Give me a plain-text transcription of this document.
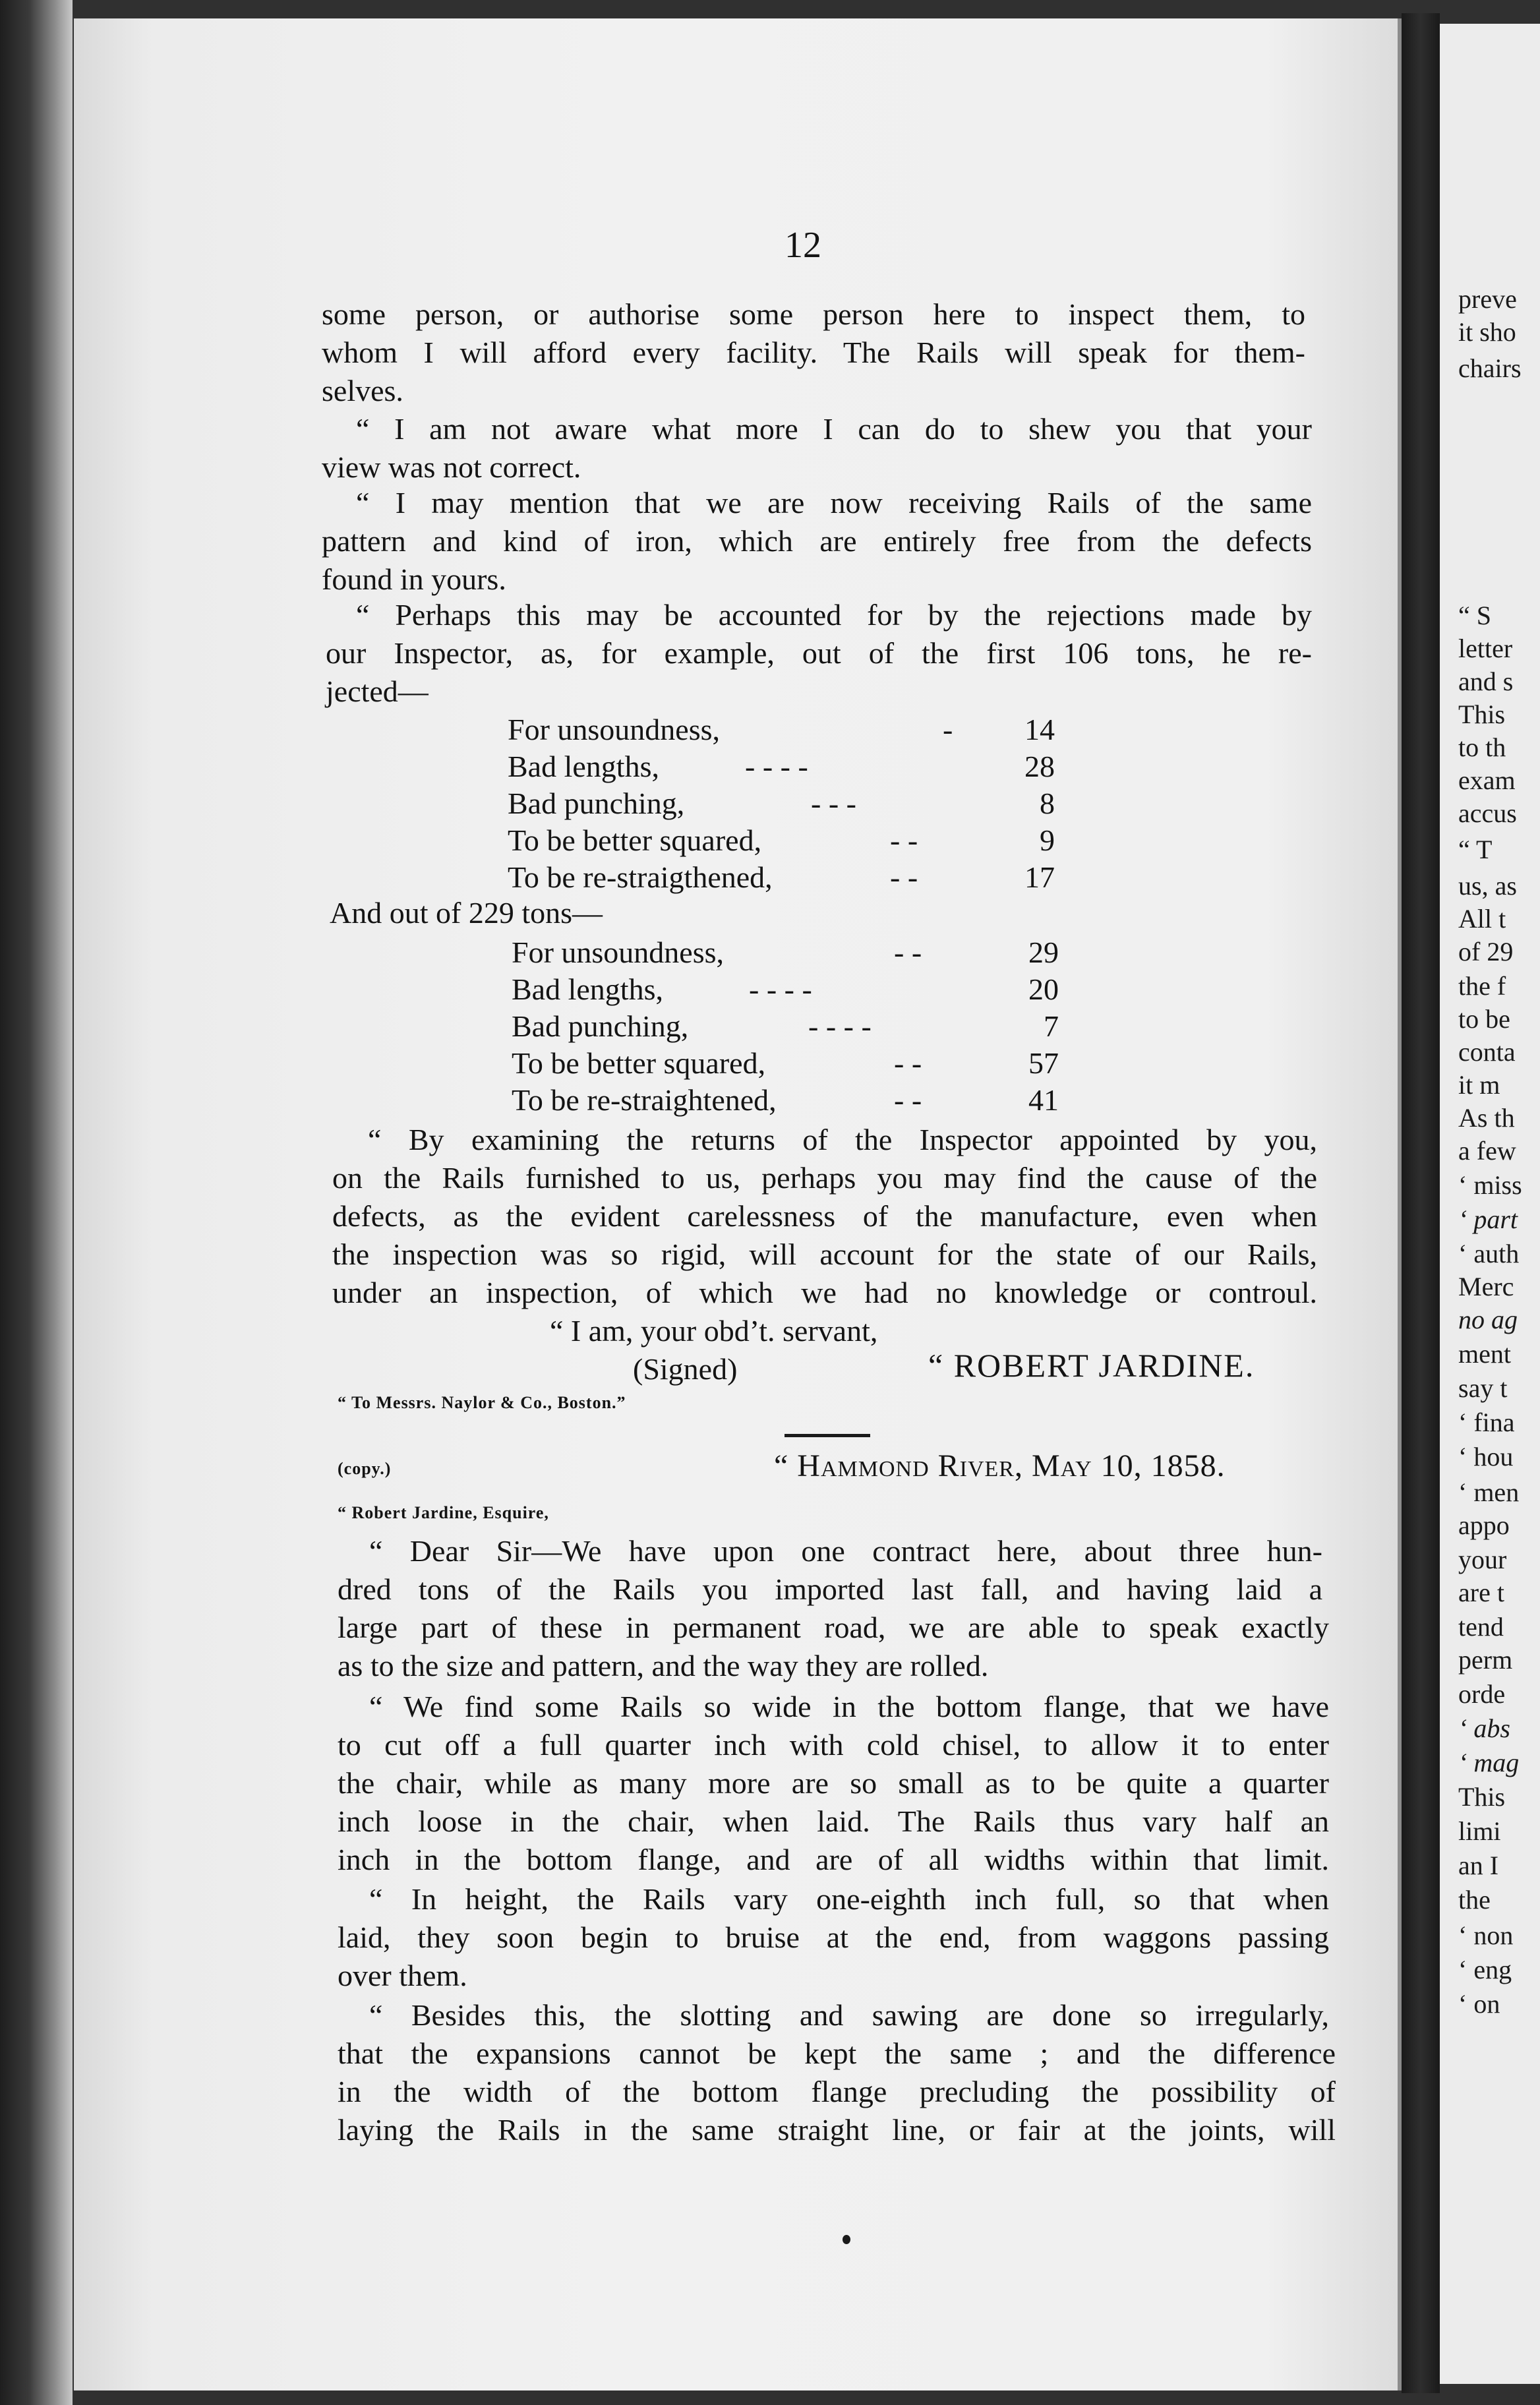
preve
it sho
chairs
“ S
letter
and s
This
to th
exam
accus
“ T
us, as
All t
of 29
the f
to be
conta
it m
As th
a few
‘ miss
‘ part
‘ auth
Merc
no ag
ment
say t
‘ fina
‘ hou
‘ men
appo
your
are t
tend
perm
orde
‘ abs
‘ mag
This
limi
an I
the
‘ non
‘ eng
‘ on
12
some person, or authorise some person here to inspect them, to
whom I will afford every facility. The Rails will speak for them-
selves.
“ I am not aware what more I can do to shew you that your
view was not correct.
“ I may mention that we are now receiving Rails of the same
pattern and kind of iron, which are entirely free from the defects
found in yours.
“ Perhaps this may be accounted for by the rejections made by
our Inspector, as, for example, out of the first 106 tons, he re-
jected—
For unsoundness,	-	14
Bad lengths,	- - - -	28
Bad punching,	- - -	8
To be better squared,	- -	9
To be re-straigthened,	- -	17
And out of 229 tons—
For unsoundness,	- -	29
Bad lengths,	- - - -	20
Bad punching,	- - - -	7
To be better squared,	- -	57
To be re-straightened,	- -	41
“ By examining the returns of the Inspector appointed by you,
on the Rails furnished to us, perhaps you may find the cause of the
defects, as the evident carelessness of the manufacture, even when
the inspection was so rigid, will account for the state of our Rails,
under an inspection, of which we had no knowledge or controul.
“ I am, your obd’t. servant,
(Signed)	“ ROBERT JARDINE.
“ To Messrs. Naylor & Co., Boston.”
(copy.)	“ Hammond River, May 10, 1858.
“ Robert Jardine, Esquire,
“ Dear Sir—We have upon one contract here, about three hun-
dred tons of the Rails you imported last fall, and having laid a
large part of these in permanent road, we are able to speak exactly
as to the size and pattern, and the way they are rolled.
“ We find some Rails so wide in the bottom flange, that we have
to cut off a full quarter inch with cold chisel, to allow it to enter
the chair, while as many more are so small as to be quite a quarter
inch loose in the chair, when laid. The Rails thus vary half an
inch in the bottom flange, and are of all widths within that limit.
“ In height, the Rails vary one-eighth inch full, so that when
laid, they soon begin to bruise at the end, from waggons passing
over them.
“ Besides this, the slotting and sawing are done so irregularly,
that the expansions cannot be kept the same ; and the difference
in the width of the bottom flange precluding the possibility of
laying the Rails in the same straight line, or fair at the joints, will
